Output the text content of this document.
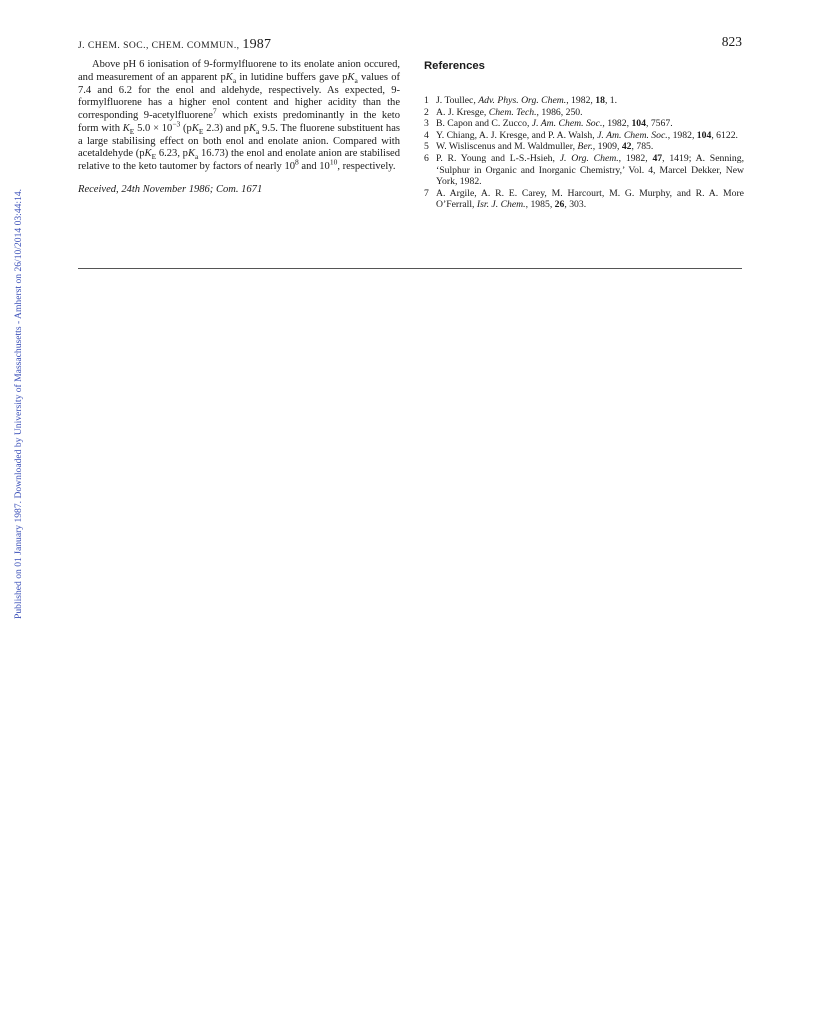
Published on 01 January 1987. Downloaded by University of Massachusetts - Amherst on 26/10/2014 03:44:14.
J. CHEM. SOC., CHEM. COMMUN., 1987	823

Above pH 6 ionisation of 9-formylfluorene to its enolate anion occured, and measurement of an apparent $pK_a$ in lutidine buffers gave $pK_a$ values of 7.4 and 6.2 for the enol and aldehyde, respectively. As expected, 9-formylfluorene has a higher enol content and higher acidity than the corresponding 9-acetylfluorene$^7$ which exists predominantly in the keto form with $K_E$ $5.0 \times 10^{-3}$ ($pK_E$ 2.3) and $pK_a$ 9.5. The fluorene substituent has a large stabilising effect on both enol and enolate anion. Compared with acetaldehyde ($pK_E$ 6.23, $pK_a$ 16.73) the enol and enolate anion are stabilised relative to the keto tautomer by factors of nearly $10^8$ and $10^{10}$, respectively.

Received, 24th November 1986; Com. 1671
References
1 J. Toullec, Adv. Phys. Org. Chem., 1982, 18, 1.
2 A. J. Kresge, Chem. Tech., 1986, 250.
3 B. Capon and C. Zucco, J. Am. Chem. Soc., 1982, 104, 7567.
4 Y. Chiang, A. J. Kresge, and P. A. Walsh, J. Am. Chem. Soc., 1982, 104, 6122.
5 W. Wisliscenus and M. Waldmuller, Ber., 1909, 42, 785.
6 P. R. Young and L-S.-Hsieh, J. Org. Chem., 1982, 47, 1419; A. Senning, ‘Sulphur in Organic and Inorganic Chemistry,’ Vol. 4, Marcel Dekker, New York, 1982.
7 A. Argile, A. R. E. Carey, M. Harcourt, M. G. Murphy, and R. A. More O’Ferrall, Isr. J. Chem., 1985, 26, 303.
